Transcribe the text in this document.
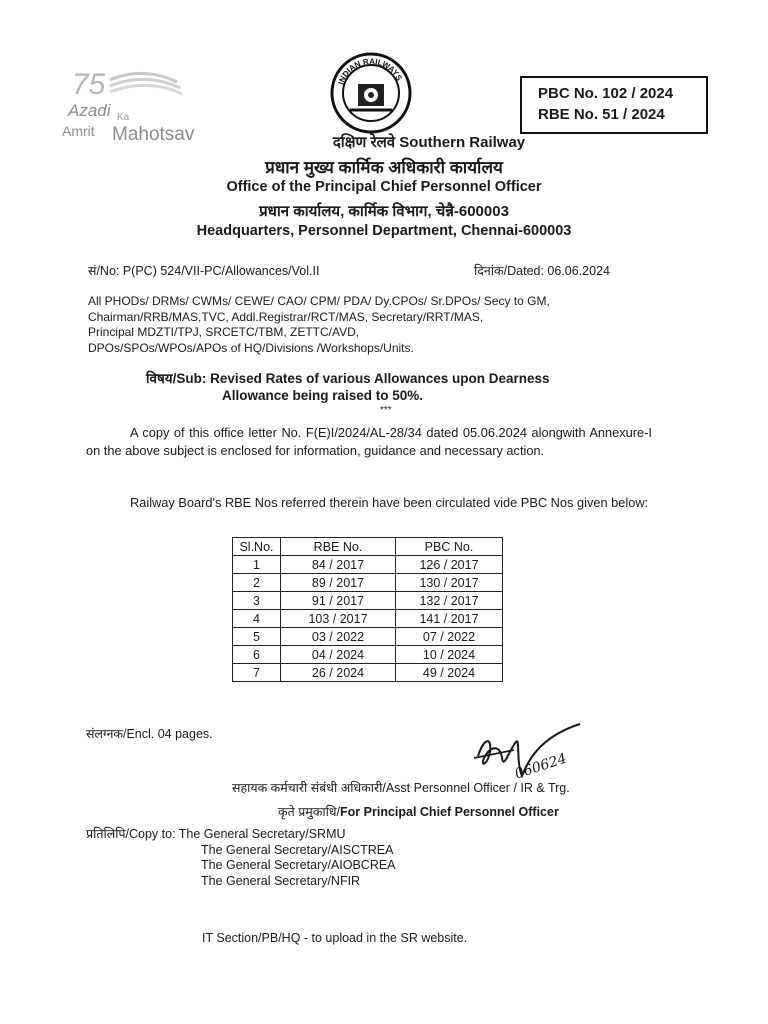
75
Azadi Ka
Amrit Mahotsav
INDIAN RAILWAYS
PBC No. 102 / 2024
RBE No. 51 / 2024
दक्षिण रेलवे Southern Railway
प्रधान मुख्य कार्मिक अधिकारी कार्यालय
Office of the Principal Chief Personnel Officer
प्रधान कार्यालय, कार्मिक विभाग, चेन्नै-600003
Headquarters, Personnel Department, Chennai-600003
सं/No: P(PC) 524/VII-PC/Allowances/Vol.II	दिनांक/Dated: 06.06.2024
All PHODs/ DRMs/ CWMs/ CEWE/ CAO/ CPM/ PDA/ Dy.CPOs/ Sr.DPOs/ Secy to GM,
Chairman/RRB/MAS,TVC, Addl.Registrar/RCT/MAS, Secretary/RRT/MAS,
Principal MDZTI/TPJ, SRCETC/TBM, ZETTC/AVD,
DPOs/SPOs/WPOs/APOs of HQ/Divisions /Workshops/Units.
विषय/Sub: Revised Rates of various Allowances upon Dearness
Allowance being raised to 50%.
***
A copy of this office letter No. F(E)I/2024/AL-28/34 dated 05.06.2024 alongwith Annexure-I on the above subject is enclosed for information, guidance and necessary action.
Railway Board's RBE Nos referred therein have been circulated vide PBC Nos given below:
Sl.No.	RBE No.	PBC No.
1	84 / 2017	126 / 2017
2	89 / 2017	130 / 2017
3	91 / 2017	132 / 2017
4	103 / 2017	141 / 2017
5	03 / 2022	07 / 2022
6	04 / 2024	10 / 2024
7	26 / 2024	49 / 2024
संलग्नक/Encl. 04 pages.
060624
सहायक कर्मचारी संबंधी अधिकारी/Asst Personnel Officer / IR & Trg.
कृते प्रमुकाधि/For Principal Chief Personnel Officer
प्रतिलिपि/Copy to: The General Secretary/SRMU
The General Secretary/AISCTREA
The General Secretary/AIOBCREA
The General Secretary/NFIR
IT Section/PB/HQ - to upload in the SR website.
